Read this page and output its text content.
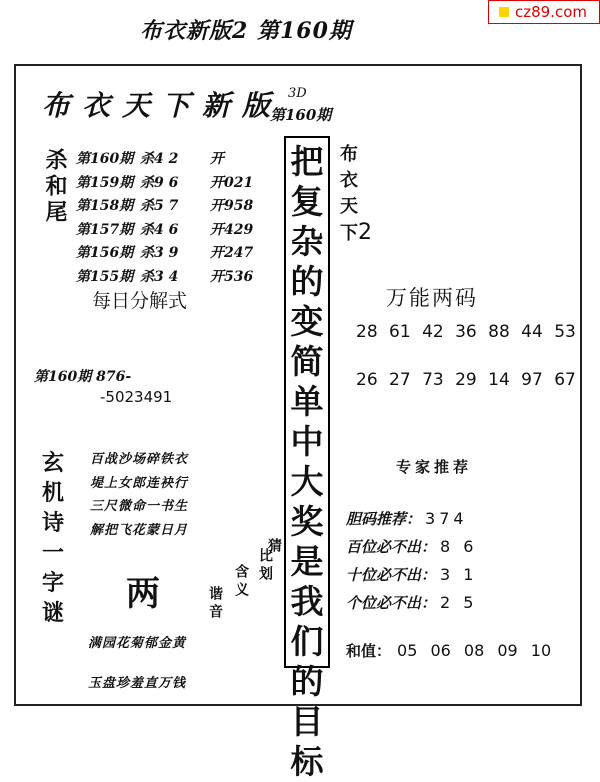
布衣新版2 第160期
cz89.com
布衣天下新版 3D
第160期
杀和尾 第160期 杀4 2	开
第159期 杀9 6	开021
第158期 杀5 7	开958
第157期 杀4 6	开429
第156期 杀3 9	开247
第155期 杀3 4	开536
每日分解式
第160期 876-
-5023491
把
复
杂
的
变
简
单
中
大
奖
是
我
们
的
目
标
布
衣
天
下2
万能两码
28 61 42 36 88 44 53
26 27 73 29 14 97 67
专家推荐
胆码推荐： 374
百位必不出： 8 6
十位必不出： 3 1
个位必不出： 2 5
和值： 05 06 08 09 10
玄机诗一字谜
百战沙场碎铁衣
堤上女郎连袂行
三尺微命一书生
解把飞花蒙日月
两	谐音
含义 比划
猜
满园花菊郁金黄
玉盘珍羞直万钱
